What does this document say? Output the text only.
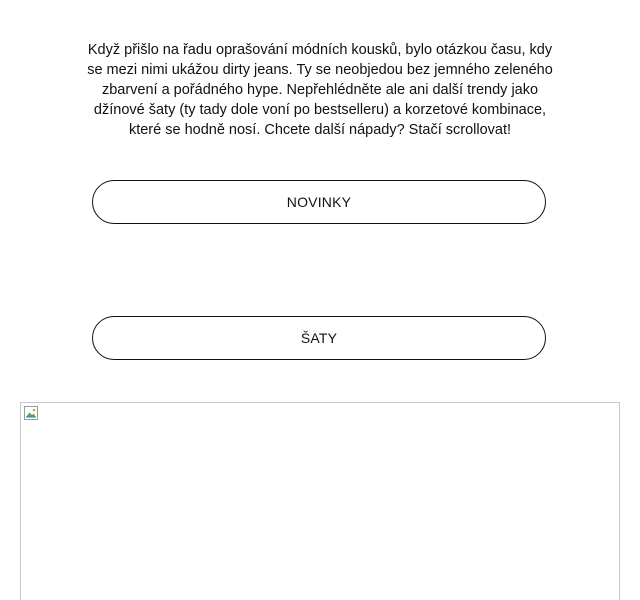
Když přišlo na řadu oprašování módních kousků, bylo otázkou času, kdy
se mezi nimi ukážou dirty jeans. Ty se neobjedou bez jemného zeleného
zbarvení a pořádného hype. Nepřehlédněte ale ani další trendy jako
džínové šaty (ty tady dole voní po bestselleru) a korzetové kombinace,
které se hodně nosí. Chcete další nápady? Stačí scrollovat!

NOVINKY
ŠATY
